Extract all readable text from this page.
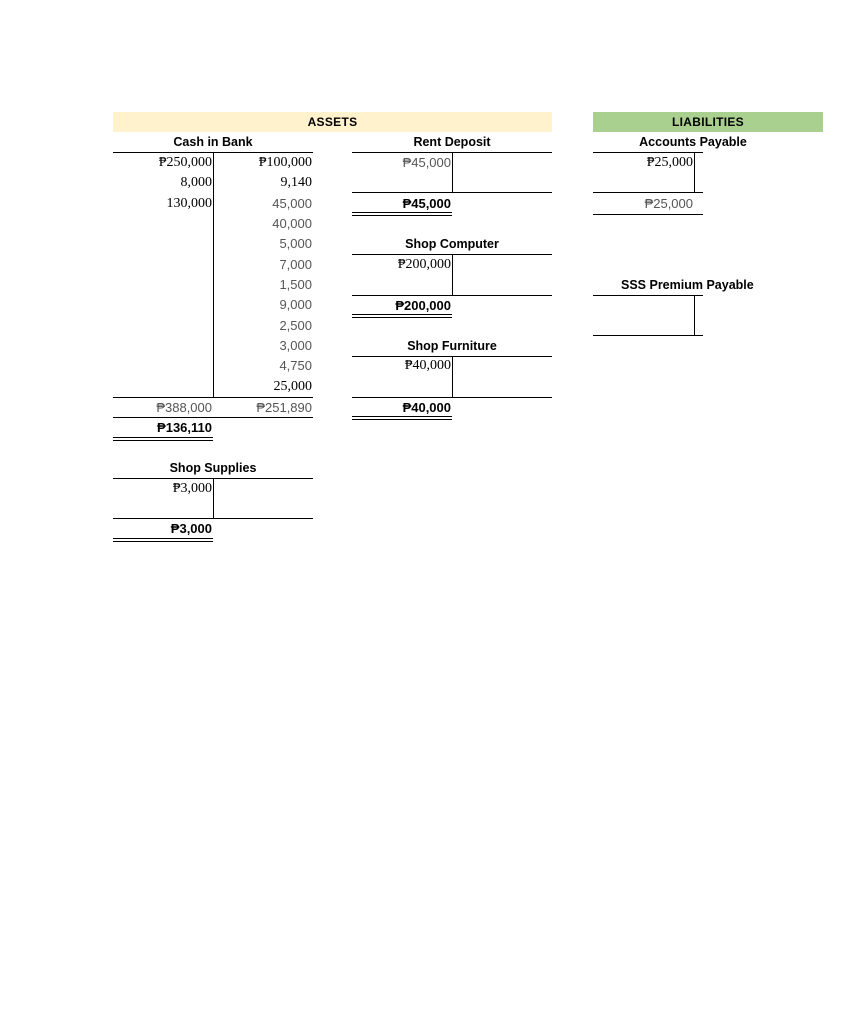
ASSETS	LIABILITIES
Accounts Payable
₱25,000
₱25,000
SSS Premium Payable
Cash in Bank
₱250,000
8,000
130,000
₱100,000
9,140
45,000
40,000
5,000
7,000
1,500
9,000
2,500
3,000
4,750
25,000
₱388,000	₱251,890
₱136,110
Shop Supplies
₱3,000
₱3,000
Rent Deposit
₱45,000
₱45,000
Shop Computer
₱200,000
₱200,000
Shop Furniture
₱40,000
₱40,000
